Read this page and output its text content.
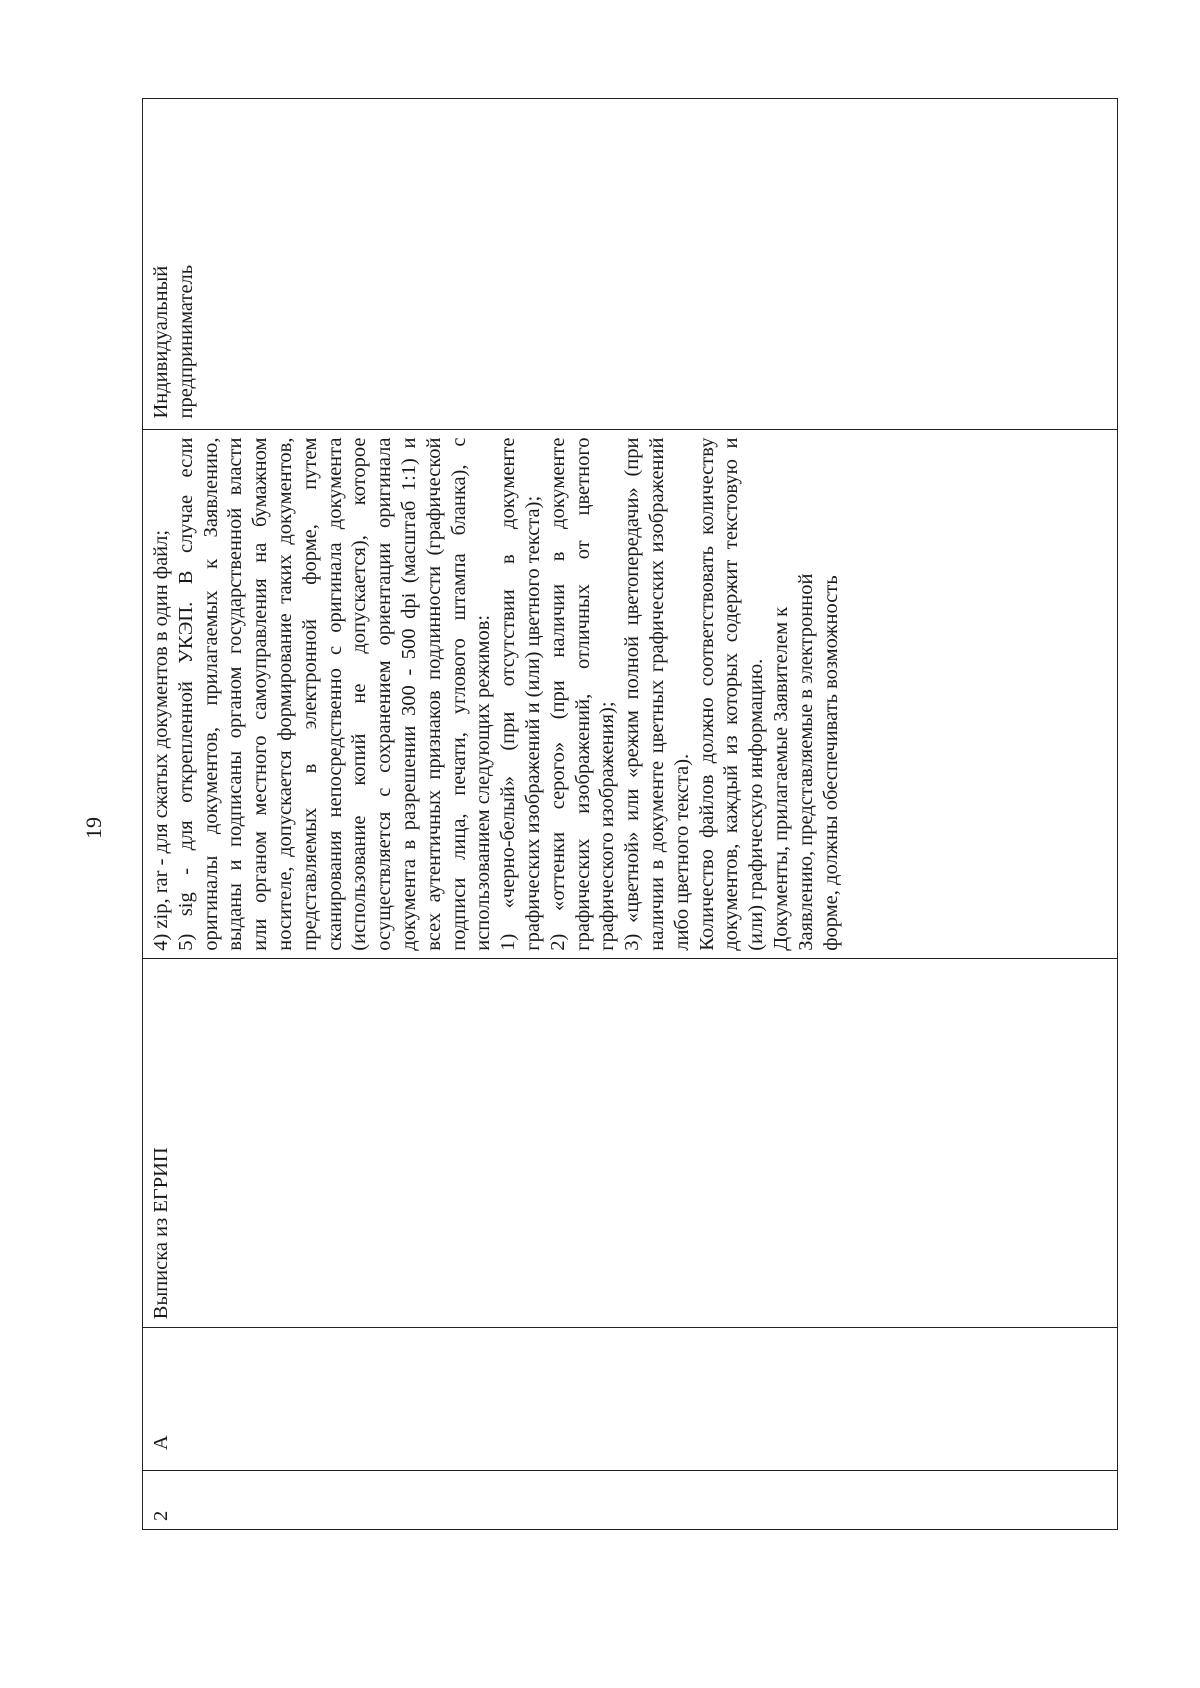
19
2
А
Выписка из ЕГРИП

4) zip, rar - для сжатых документов в один файл; 5) sig - для открепленной УКЭП. В случае если оригиналы документов, прилагаемых к Заявлению, выданы и подписаны органом государственной власти или органом местного самоуправления на бумажном носителе, допускается формирование таких документов, представляемых в электронной форме, путем сканирования непосредственно с оригинала документа (использование копий не допускается), которое осуществляется с сохранением ориентации оригинала документа в разрешении 300 - 500 dpi (масштаб 1:1) и всех аутентичных признаков подлинности (графической подписи лица, печати, углового штампа бланка), с использованием следующих режимов: 1) «черно-белый» (при отсутствии в документе графических изображений и (или) цветного текста); 2) «оттенки серого» (при наличии в документе графических изображений, отличных от цветного графического изображения); 3) «цветной» или «режим полной цветопередачи» (при наличии в документе цветных графических изображений либо цветного текста). Количество файлов должно соответствовать количеству документов, каждый из которых содержит текстовую и (или) графическую информацию. Документы, прилагаемые Заявителем к Заявлению, представляемые в электронной форме, должны обеспечивать возможность

Индивидуальный предприниматель
